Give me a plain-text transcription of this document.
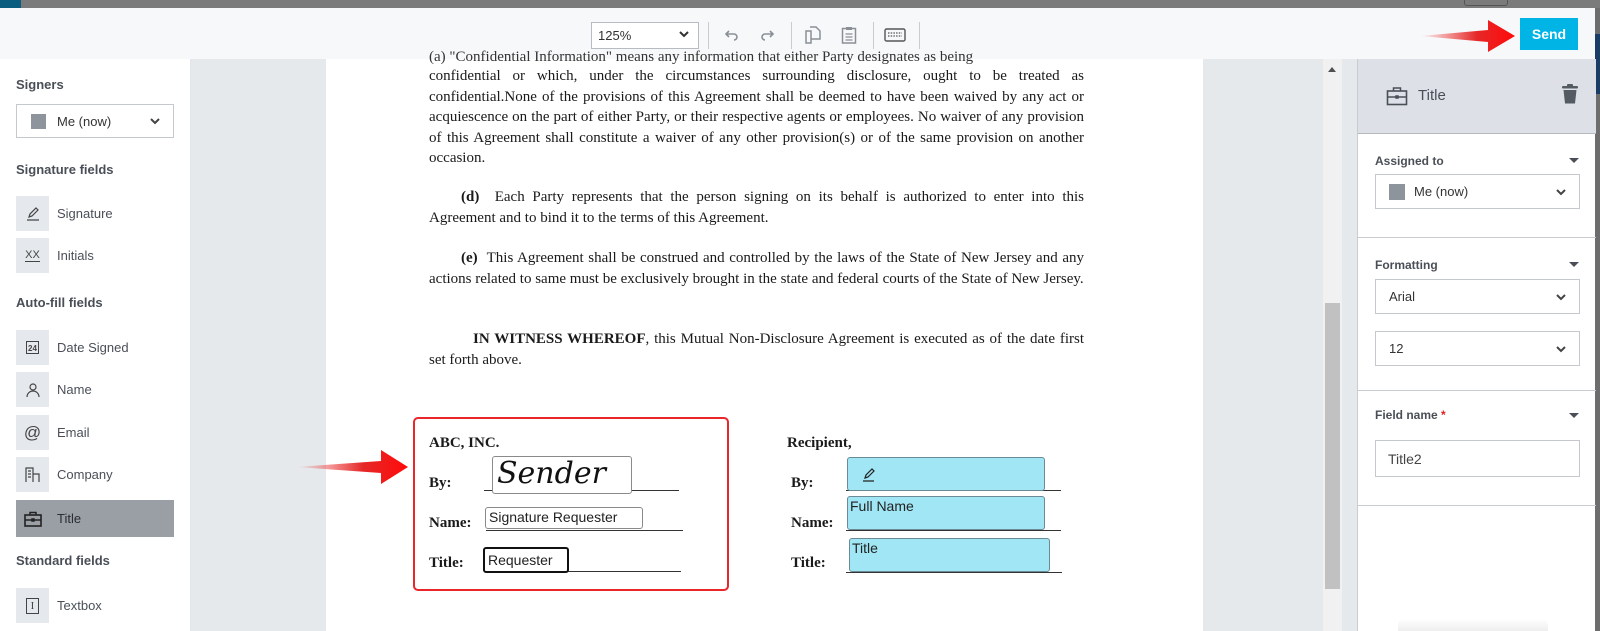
125%	Send
Signers
Me (now)
Signature fields
Signature
XX Initials
Auto-fill fields
24 Date Signed
Name
@ Email
Company
Title
Standard fields
I	Textbox
(a) "Confidential Information" means any information that either Party designates as being
confidential or which, under the circumstances surrounding disclosure, ought to be treated as confidential.None of the provisions of this Agreement shall be deemed to have been waived by any act or acquiescence on the part of either Party, or their respective agents or employees. No waiver of any provision of this Agreement shall constitute a waiver of any other provision(s) or of the same provision on another occasion.
(d) Each Party represents that the person signing on its behalf is authorized to enter into this Agreement and to bind it to the terms of this Agreement.
(e) This Agreement shall be construed and controlled by the laws of the State of New Jersey and any actions related to same must be exclusively brought in the state and federal courts of the State of New Jersey.
IN WITNESS WHEREOF, this Mutual Non-Disclosure Agreement is executed as of the date first set forth above.
ABC, INC.
By: Sender
Name: Signature Requester
Title:	Requester
Recipient,
By:
Name:
Full Name
Title:
Title
Title
Assigned to
Me (now)
Formatting
Arial
12
Field name *
Title2
